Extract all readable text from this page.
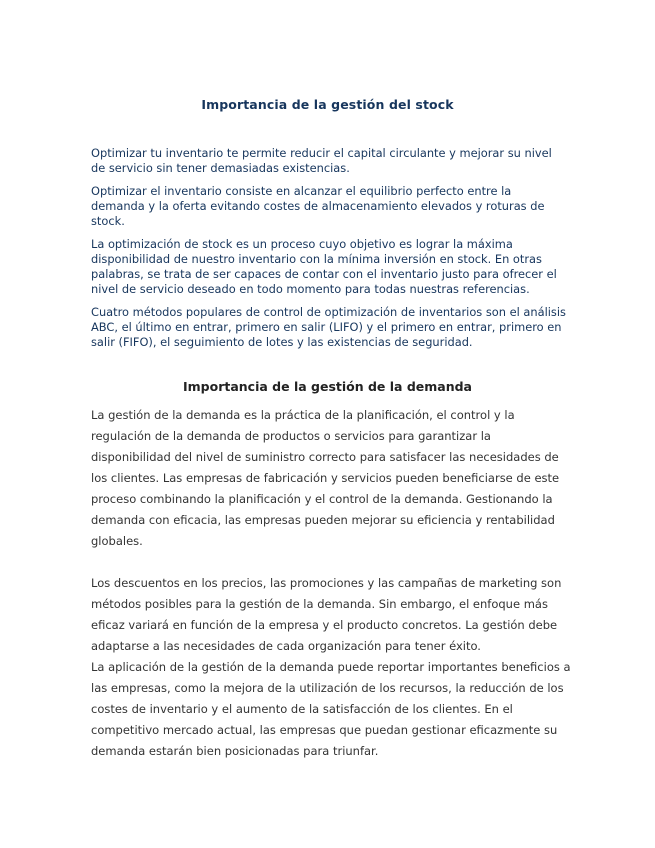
Importancia de la gestión del stock

Optimizar tu inventario te permite reducir el capital circulante y mejorar su nivel de servicio sin tener demasiadas existencias.

Optimizar el inventario consiste en alcanzar el equilibrio perfecto entre la demanda y la oferta evitando costes de almacenamiento elevados y roturas de stock.

La optimización de stock es un proceso cuyo objetivo es lograr la máxima disponibilidad de nuestro inventario con la mínima inversión en stock. En otras palabras, se trata de ser capaces de contar con el inventario justo para ofrecer el nivel de servicio deseado en todo momento para todas nuestras referencias.

Cuatro métodos populares de control de optimización de inventarios son el análisis ABC, el último en entrar, primero en salir (LIFO) y el primero en entrar, primero en salir (FIFO), el seguimiento de lotes y las existencias de seguridad.

Importancia de la gestión de la demanda

La gestión de la demanda es la práctica de la planificación, el control y la regulación de la demanda de productos o servicios para garantizar la disponibilidad del nivel de suministro correcto para satisfacer las necesidades de los clientes. Las empresas de fabricación y servicios pueden beneficiarse de este proceso combinando la planificación y el control de la demanda. Gestionando la demanda con eficacia, las empresas pueden mejorar su eficiencia y rentabilidad globales.

Los descuentos en los precios, las promociones y las campañas de marketing son métodos posibles para la gestión de la demanda. Sin embargo, el enfoque más eficaz variará en función de la empresa y el producto concretos. La gestión debe adaptarse a las necesidades de cada organización para tener éxito.

La aplicación de la gestión de la demanda puede reportar importantes beneficios a las empresas, como la mejora de la utilización de los recursos, la reducción de los costes de inventario y el aumento de la satisfacción de los clientes. En el competitivo mercado actual, las empresas que puedan gestionar eficazmente su demanda estarán bien posicionadas para triunfar.
